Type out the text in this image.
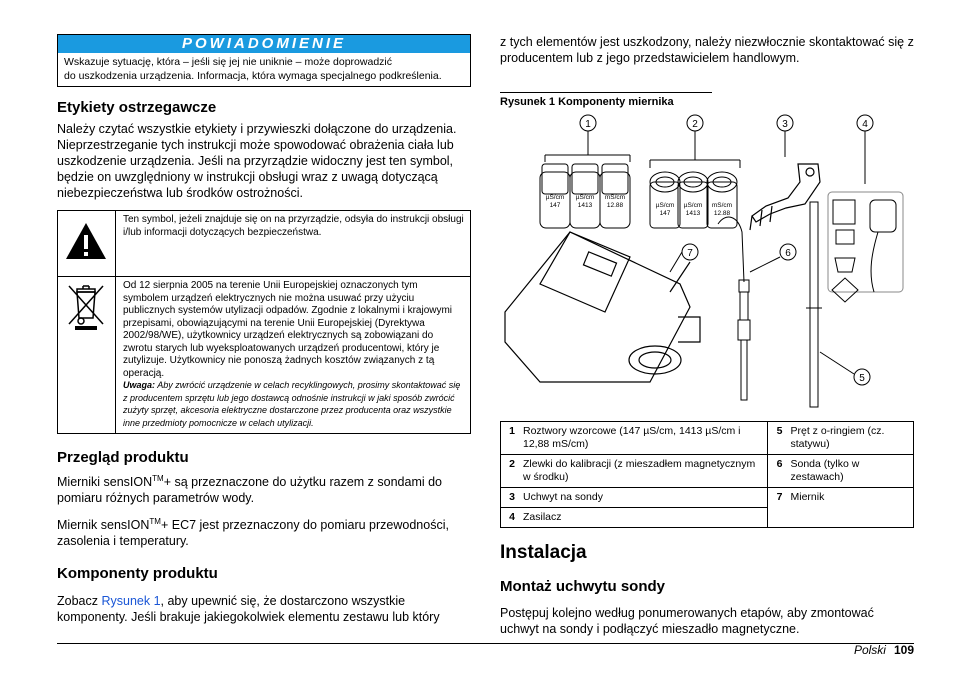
POWIADOMIENIE
Wskazuje sytuację, która – jeśli się jej nie uniknie – może doprowadzić
do uszkodzenia urządzenia. Informacja, która wymaga specjalnego podkreślenia.
Etykiety ostrzegawcze

Należy czytać wszystkie etykiety i przywieszki dołączone do urządzenia. Nieprzestrzeganie tych instrukcji może spowodować obrażenia ciała lub uszkodzenie urządzenia. Jeśli na przyrządzie widoczny jest ten symbol, będzie on uwzględniony w instrukcji obsługi wraz z uwagą dotyczącą niebezpieczeństwa lub środków ostrożności.

	Ten symbol, jeżeli znajduje się on na przyrządzie, odsyła do instrukcji obsługi i/lub informacji dotyczących bezpieczeństwa.
	Od 12 sierpnia 2005 na terenie Unii Europejskiej oznaczonych tym symbolem urządzeń elektrycznych nie można usuwać przy użyciu publicznych systemów utylizacji odpadów. Zgodnie z lokalnymi i krajowymi przepisami, obowiązującymi na terenie Unii Europejskiej (Dyrektywa 2002/98/WE), użytkownicy urządzeń elektrycznych są zobowiązani do zwrotu starych lub wyeksploatowanych urządzeń producentowi, który je zutylizuje. Użytkownicy nie ponoszą żadnych kosztów związanych z tą operacją.
Uwaga: Aby zwrócić urządzenie w celach recyklingowych, prosimy skontaktować się z producentem sprzętu lub jego dostawcą odnośnie instrukcji w jaki sposób zwrócić zużyty sprzęt, akcesoria elektryczne dostarczone przez producenta oraz wszystkie inne przedmioty pomocnicze w celach utylizacji.
Przegląd produktu

Mierniki sensION™+ są przeznaczone do użytku razem z sondami do pomiaru różnych parametrów wody.

Miernik sensION™+ EC7 jest przeznaczony do pomiaru przewodności, zasolenia i temperatury.

Komponenty produktu

Zobacz Rysunek 1, aby upewnić się, że dostarczono wszystkie komponenty. Jeśli brakuje jakiegokolwiek elementu zestawu lub który

z tych elementów jest uszkodzony, należy niezwłocznie skontaktować się z producentem lub z jego przedstawicielem handlowym.

Rysunek 1 Komponenty miernika
1	2	3	4
5
6
7
µS/cm
147
µS/cm
1413
mS/cm
12.88	µS/cm
147
µS/cm
1413
mS/cm
12.88
1	Roztwory wzorcowe (147 µS/cm, 1413 µS/cm i 12,88 mS/cm)	5	Pręt z o-ringiem (cz. statywu)
2	Zlewki do kalibracji (z mieszadłem magnetycznym w środku)	6	Sonda (tylko w zestawach)
3	Uchwyt na sondy	7	Miernik
4	Zasilacz		
Instalacja
Montaż uchwytu sondy

Postępuj kolejno według ponumerowanych etapów, aby zmontować uchwyt na sondy i podłączyć mieszadło magnetyczne.

Polski 109
